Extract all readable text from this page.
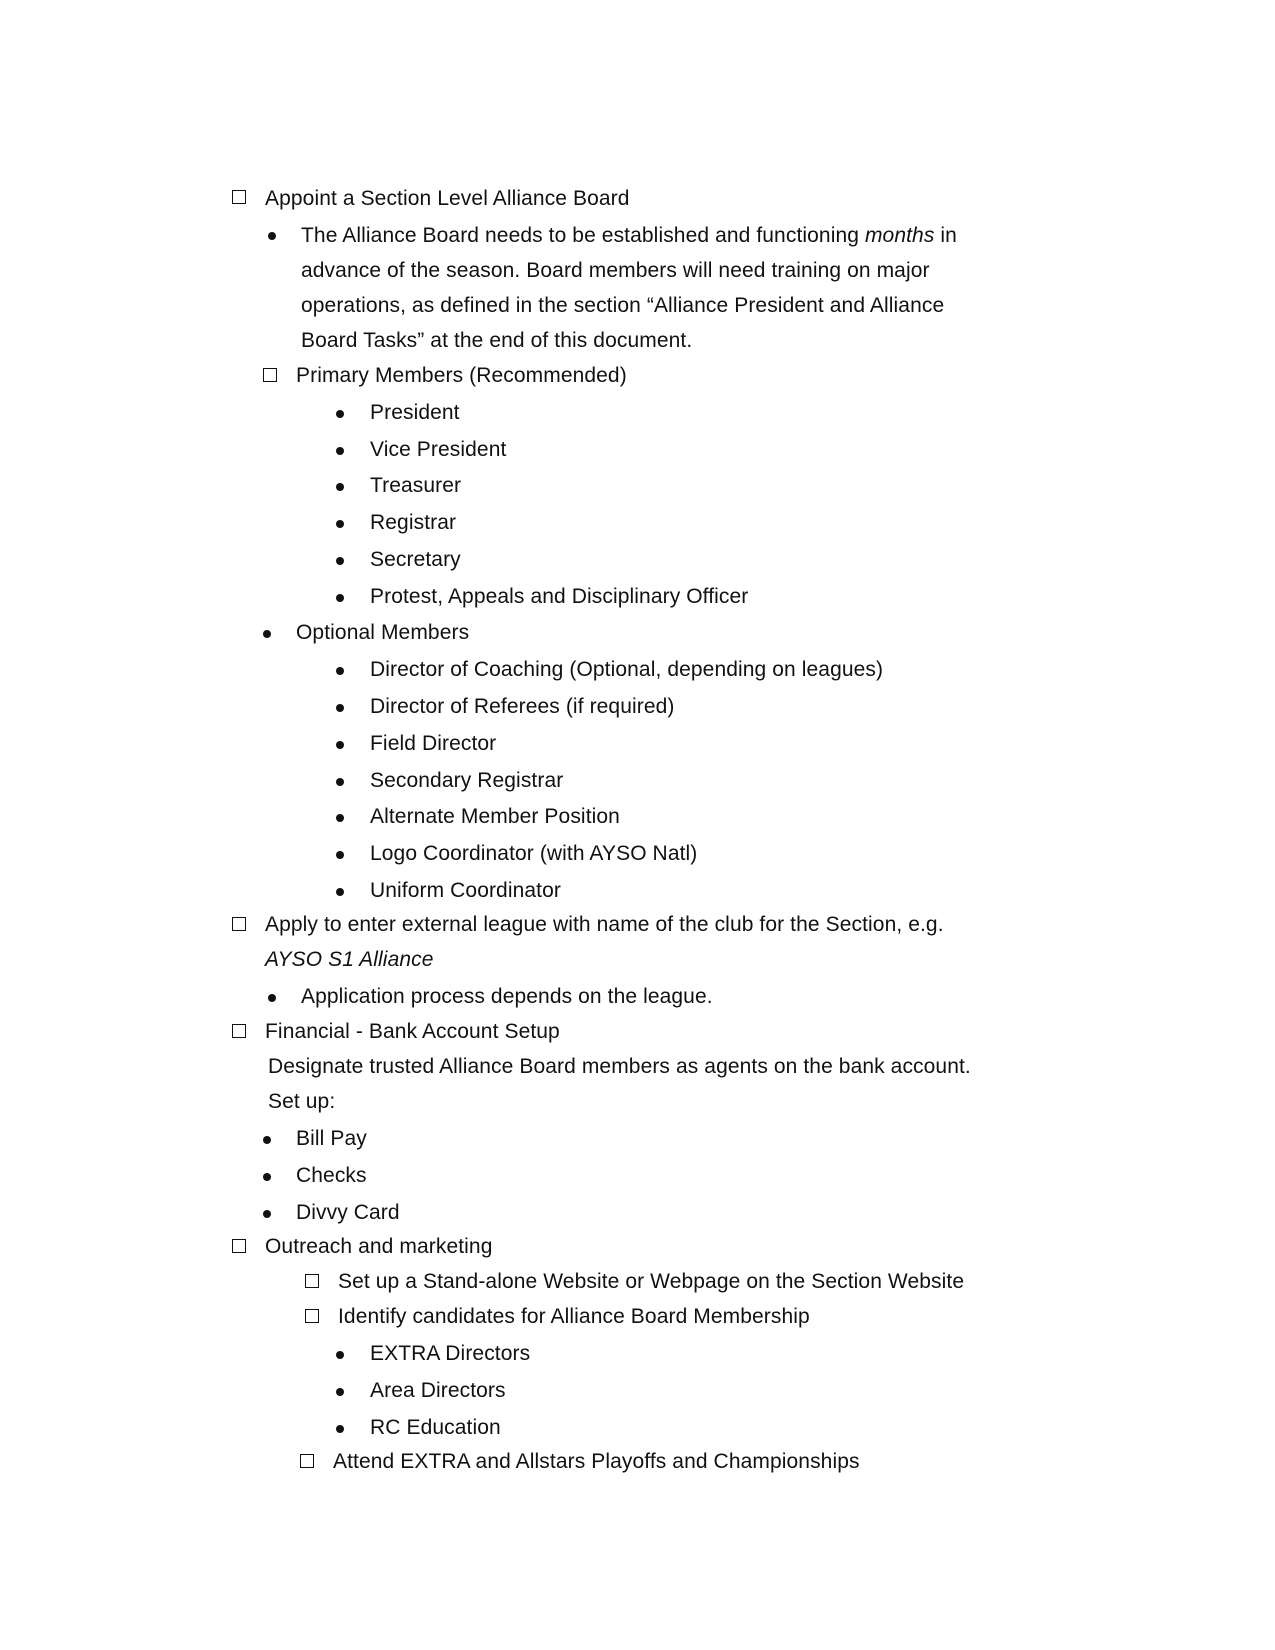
Appoint a Section Level Alliance Board
The Alliance Board needs to be established and functioning months in
advance of the season. Board members will need training on major
operations, as defined in the section “Alliance President and Alliance
Board Tasks” at the end of this document.
Primary Members (Recommended)
President
Vice President
Treasurer
Registrar
Secretary
Protest, Appeals and Disciplinary Officer
Optional Members
Director of Coaching (Optional, depending on leagues)
Director of Referees (if required)
Field Director
Secondary Registrar
Alternate Member Position
Logo Coordinator (with AYSO Natl)
Uniform Coordinator
Apply to enter external league with name of the club for the Section, e.g.
AYSO S1 Alliance
Application process depends on the league.
Financial - Bank Account Setup
Designate trusted Alliance Board members as agents on the bank account.
Set up:
Bill Pay
Checks
Divvy Card
Outreach and marketing
Set up a Stand-alone Website or Webpage on the Section Website
Identify candidates for Alliance Board Membership
EXTRA Directors
Area Directors
RC Education
Attend EXTRA and Allstars Playoffs and Championships
